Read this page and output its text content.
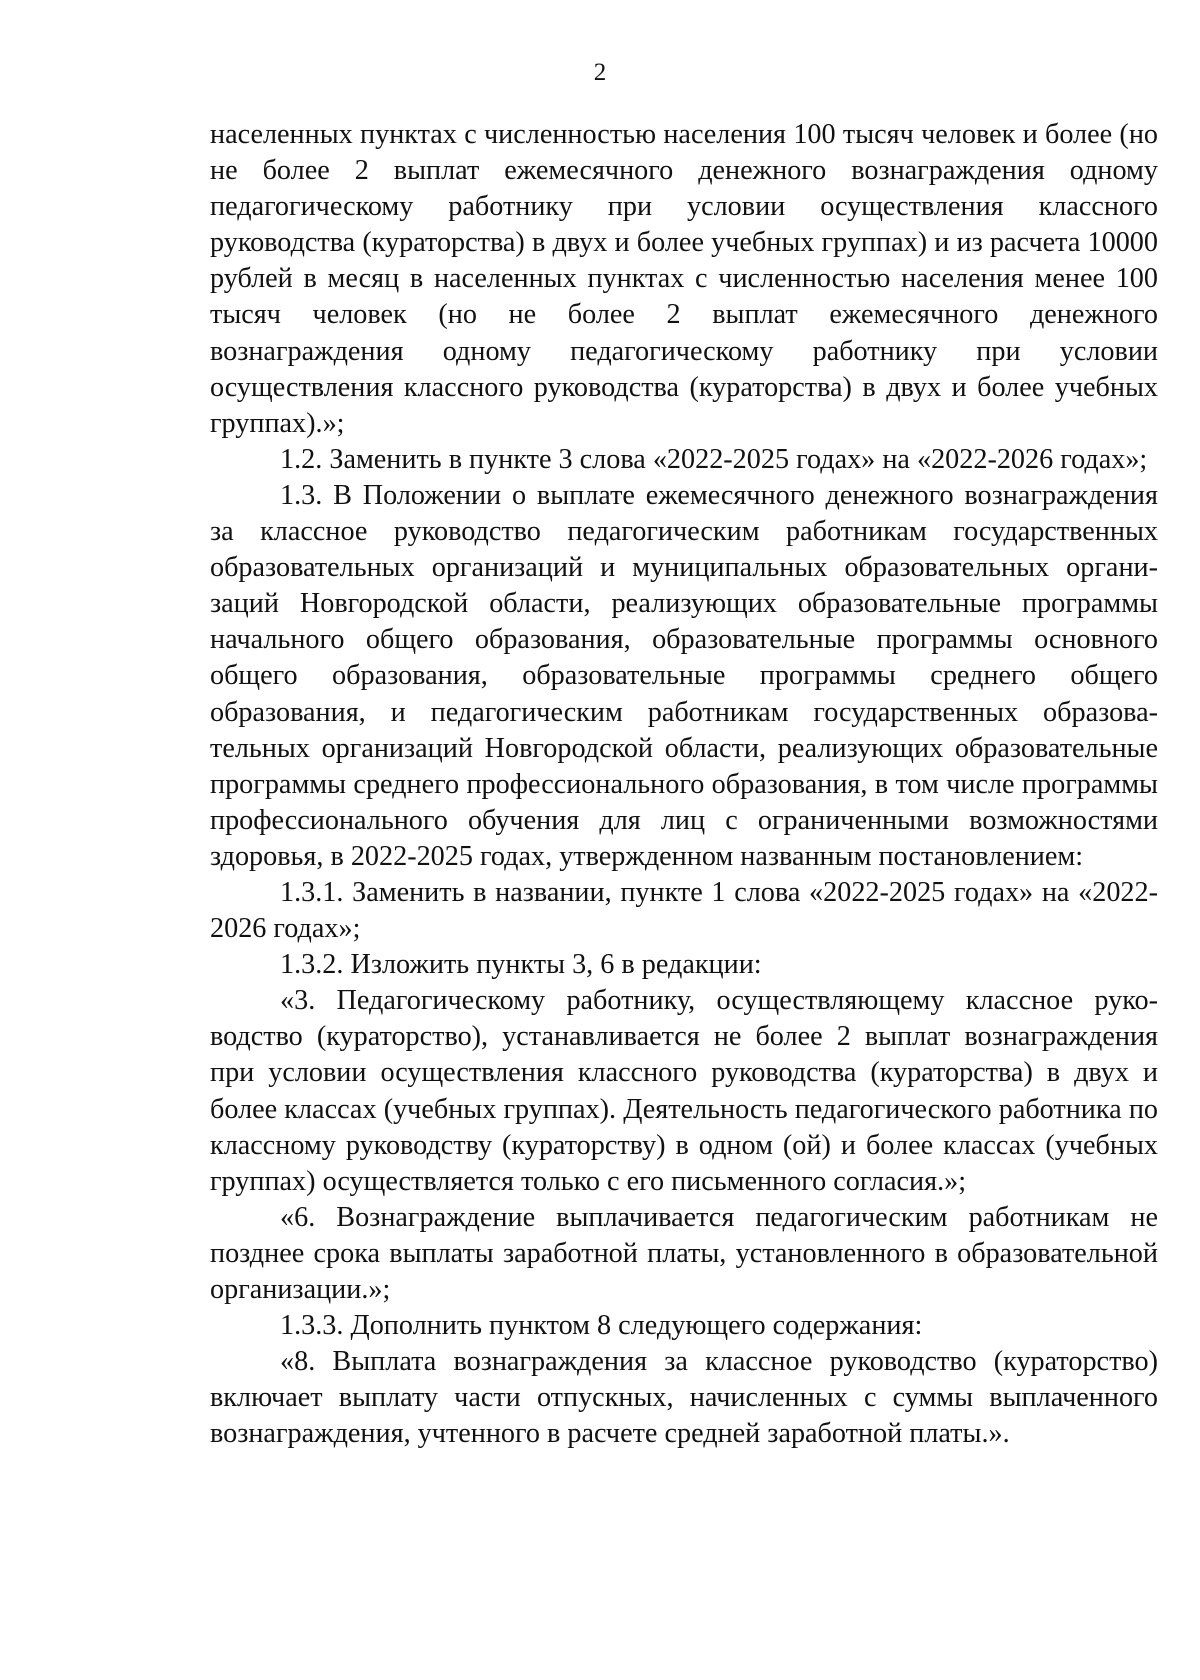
2

населенных пунктах с численностью населения 100 тысяч человек и более (но не более 2 выплат ежемесячного денежного вознаграждения одному педагогическому работнику при условии осуществления классного руководства (кураторства) в двух и более учебных группах) и из расчета 10000 рублей в месяц в населенных пунктах с численностью населения менее 100 тысяч человек (но не более 2 выплат ежемесячного денежного вознаграждения одному педагогическому работнику при условии осуществления классного руководства (кураторства) в двух и более учебных группах).»;

1.2. Заменить в пункте 3 слова «2022-2025 годах» на «2022-2026 годах»;

1.3. В Положении о выплате ежемесячного денежного вознаграждения за классное руководство педагогическим работникам государственных образовательных организаций и муниципальных образовательных организаций Новгородской области, реализующих образовательные программы начального общего образования, образовательные программы основного общего образования, образовательные программы среднего общего образования, и педагогическим работникам государственных образовательных организаций Новгородской области, реализующих образовательные программы среднего профессионального образования, в том числе программы профессионального обучения для лиц с ограниченными возможностями здоровья, в 2022-2025 годах, утвержденном названным постановлением:

1.3.1. Заменить в названии, пункте 1 слова «2022-2025 годах» на «2022-2026 годах»;

1.3.2. Изложить пункты 3, 6 в редакции:

«3. Педагогическому работнику, осуществляющему классное руководство (кураторство), устанавливается не более 2 выплат вознаграждения при условии осуществления классного руководства (кураторства) в двух и более классах (учебных группах). Деятельность педагогического работника по классному руководству (кураторству) в одном (ой) и более классах (учебных группах) осуществляется только с его письменного согласия.»;

«6. Вознаграждение выплачивается педагогическим работникам не позднее срока выплаты заработной платы, установленного в образовательной организации.»;

1.3.3. Дополнить пунктом 8 следующего содержания:

«8. Выплата вознаграждения за классное руководство (кураторство) включает выплату части отпускных, начисленных с суммы выплаченного вознаграждения, учтенного в расчете средней заработной платы.».
